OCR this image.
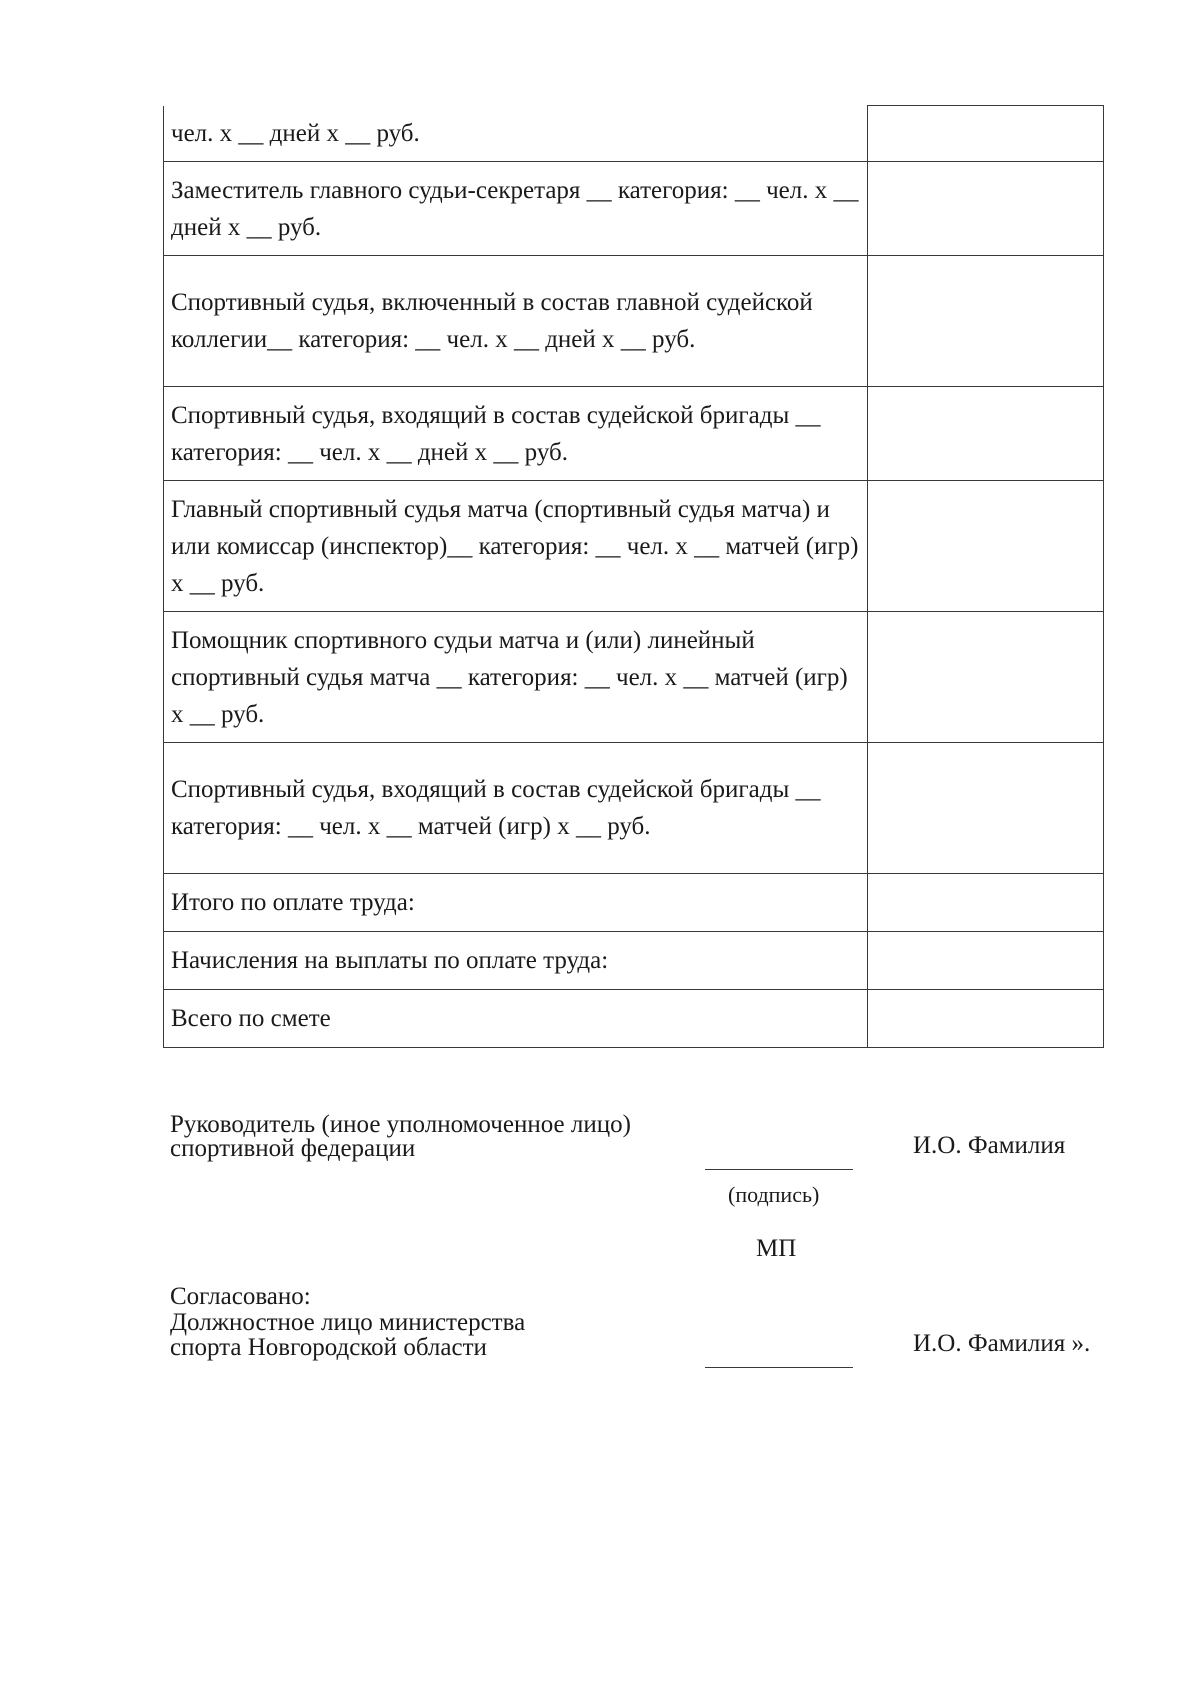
чел. х __ дней х __ руб.	
Заместитель главного судьи-секретаря __ категория: __ чел. х __ дней х __ руб.	
Спортивный судья, включенный в состав главной судейской коллегии__ категория: __ чел. х __ дней х __ руб.	
Спортивный судья, входящий в состав судейской бригады __ категория: __ чел. х __ дней х __ руб.	
Главный спортивный судья матча (спортивный судья матча) и или комиссар (инспектор)__ категория: __ чел. х __ матчей (игр) х __ руб.	
Помощник спортивного судьи матча и (или) линейный спортивный судья матча __ категория: __ чел. х __ матчей (игр) х __ руб.	
Спортивный судья, входящий в состав судейской бригады __ категория: __ чел. х __ матчей (игр) х __ руб.	
Итого по оплате труда:	
Начисления на выплаты по оплате труда:	
Всего по смете	
Руководитель (иное уполномоченное лицо)
спортивной федерации	И.О. Фамилия
(подпись)
МП
Согласовано:
Должностное лицо министерства
спорта Новгородской области	И.О. Фамилия ».
